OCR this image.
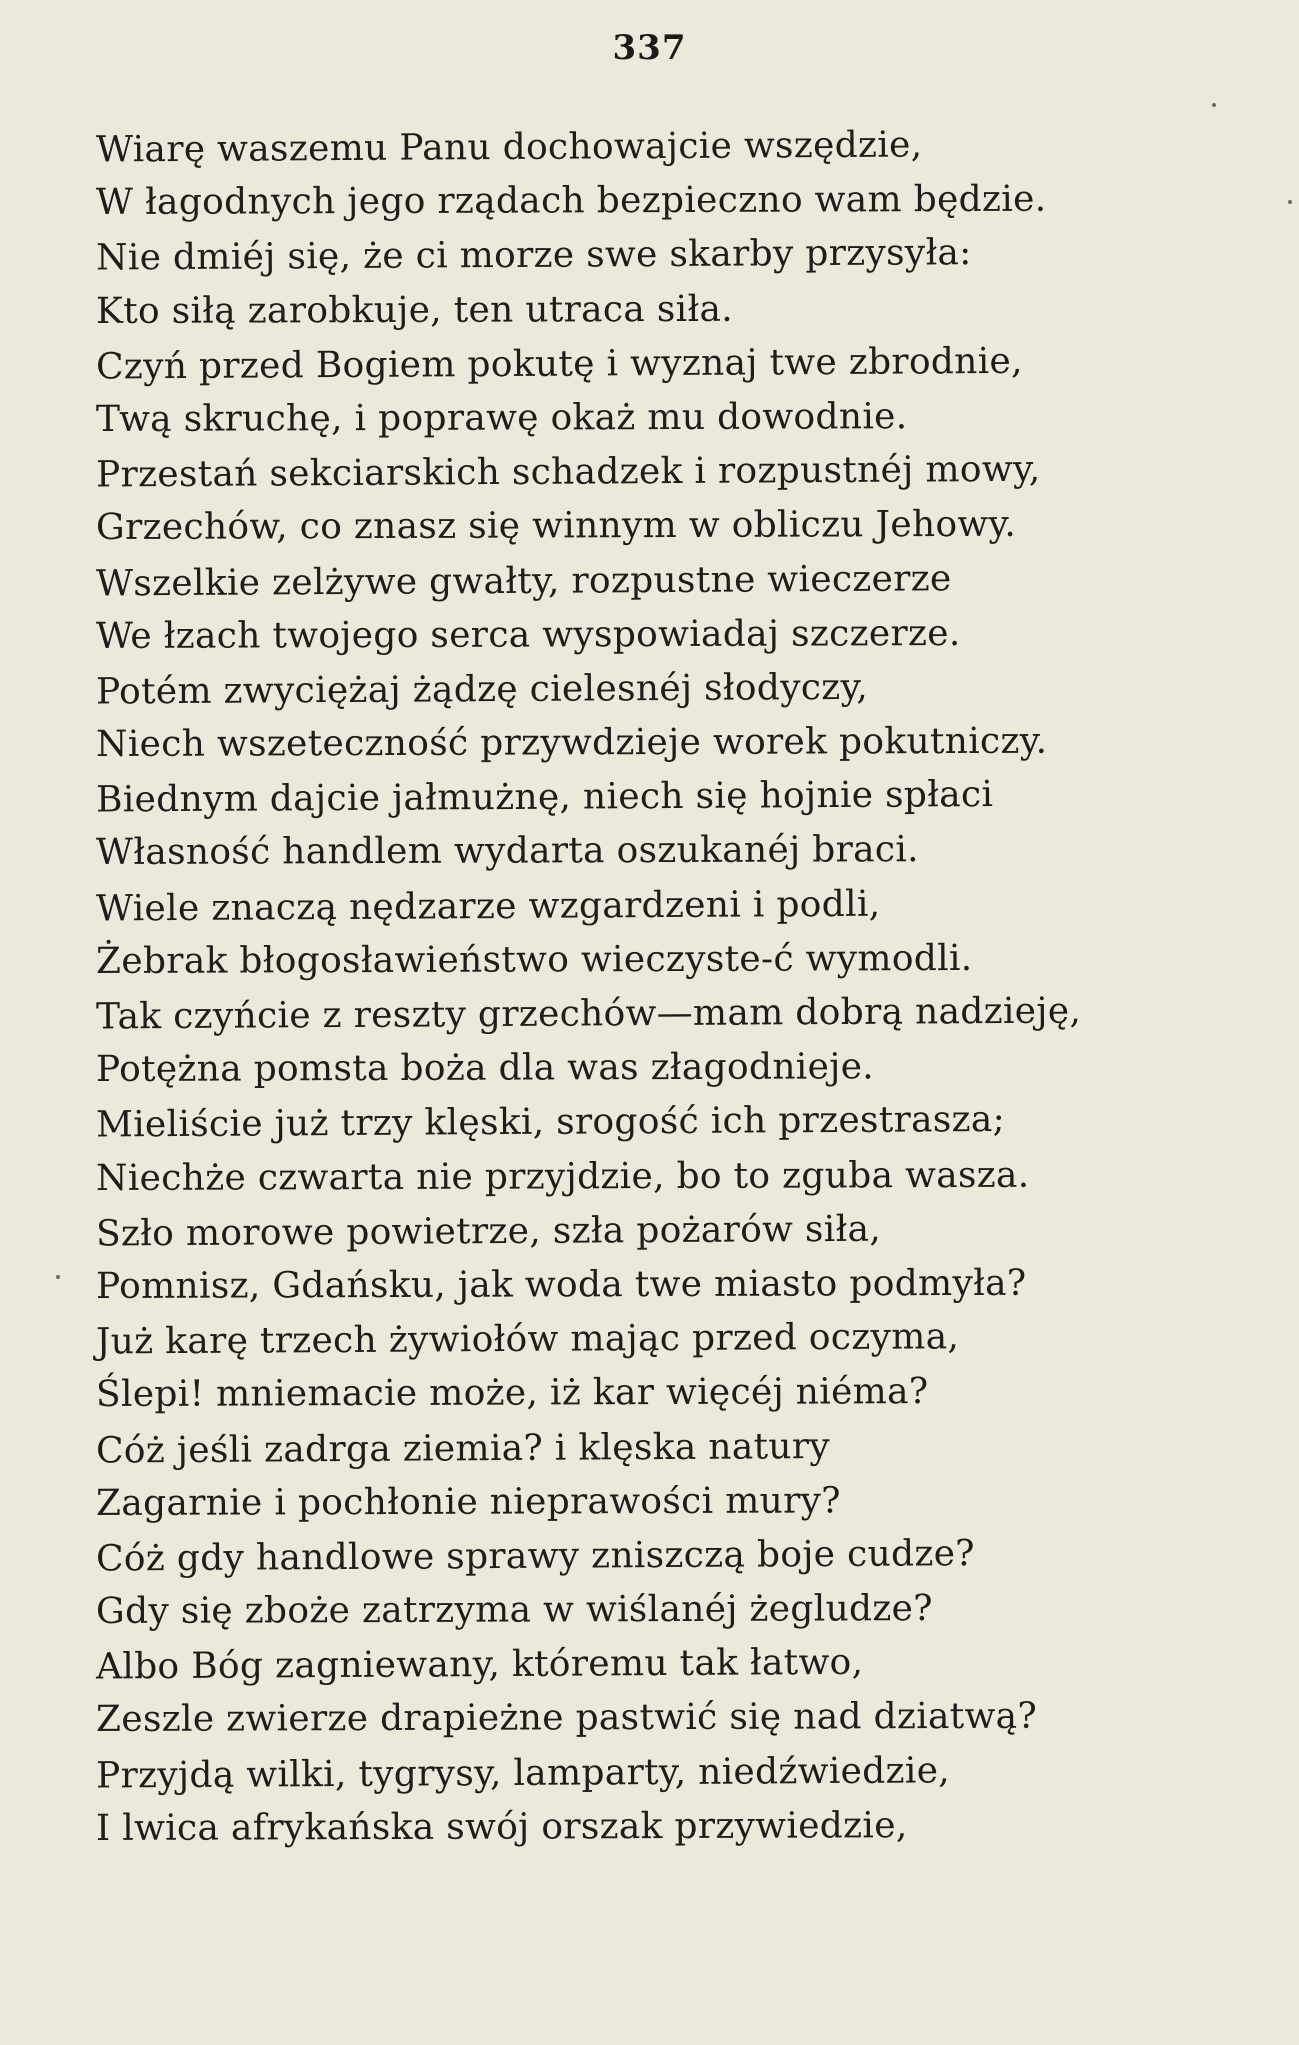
337
Wiarę waszemu Panu dochowajcie wszędzie,
W łagodnych jego rządach bezpieczno wam będzie.
Nie dmiéj się, że ci morze swe skarby przysyła:
Kto siłą zarobkuje, ten utraca siła.
Czyń przed Bogiem pokutę i wyznaj twe zbrodnie,
Twą skruchę, i poprawę okaż mu dowodnie.
Przestań sekciarskich schadzek i rozpustnéj mowy,
Grzechów, co znasz się winnym w obliczu Jehowy.
Wszelkie zelżywe gwałty, rozpustne wieczerze
We łzach twojego serca wyspowiadaj szczerze.
Potém zwyciężaj żądzę cielesnéj słodyczy,
Niech wszeteczność przywdzieje worek pokutniczy.
Biednym dajcie jałmużnę, niech się hojnie spłaci
Własność handlem wydarta oszukanéj braci.
Wiele znaczą nędzarze wzgardzeni i podli,
Żebrak błogosławieństwo wieczyste-ć wymodli.
Tak czyńcie z reszty grzechów—mam dobrą nadzieję,
Potężna pomsta boża dla was złagodnieje.
Mieliście już trzy klęski, srogość ich przestrasza;
Niechże czwarta nie przyjdzie, bo to zguba wasza.
Szło morowe powietrze, szła pożarów siła,
Pomnisz, Gdańsku, jak woda twe miasto podmyła?
Już karę trzech żywiołów mając przed oczyma,
Ślepi! mniemacie może, iż kar więcéj niéma?
Cóż jeśli zadrga ziemia? i klęska natury
Zagarnie i pochłonie nieprawości mury?
Cóż gdy handlowe sprawy zniszczą boje cudze?
Gdy się zboże zatrzyma w wiślanéj żegludze?
Albo Bóg zagniewany, któremu tak łatwo,
Zeszle zwierze drapieżne pastwić się nad dziatwą?
Przyjdą wilki, tygrysy, lamparty, niedźwiedzie,
I lwica afrykańska swój orszak przywiedzie,
